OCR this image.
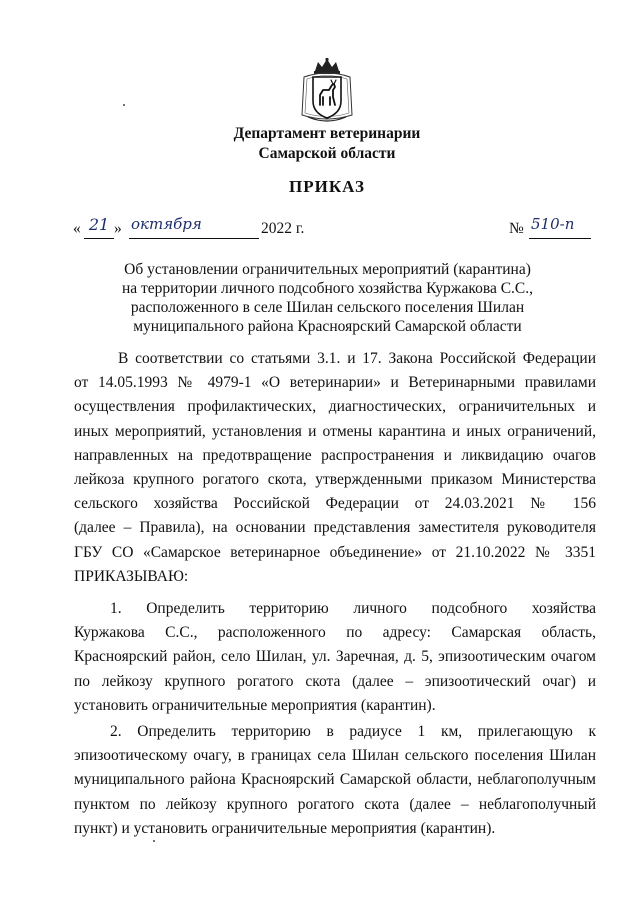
Департамент ветеринарии
Самарской области
ПРИКАЗ
« 21 » октября	2022 г.	№ 510-п
Об установлении ограничительных мероприятий (карантина)
на территории личного подсобного хозяйства Куржакова С.С.,
расположенного в селе Шилан сельского поселения Шилан
муниципального района Красноярский Самарской области
В соответствии со статьями 3.1. и 17. Закона Российской Федерации
от 14.05.1993 № 4979-1 «О ветеринарии» и Ветеринарными правилами
осуществления профилактических, диагностических, ограничительных и
иных мероприятий, установления и отмены карантина и иных ограничений,
направленных на предотвращение распространения и ликвидацию очагов
лейкоза крупного рогатого скота, утвержденными приказом Министерства
сельского хозяйства Российской Федерации от 24.03.2021 № 156
(далее – Правила), на основании представления заместителя руководителя
ГБУ СО «Самарское ветеринарное объединение» от 21.10.2022 № 3351
ПРИКАЗЫВАЮ:
1. Определить территорию личного подсобного хозяйства
Куржакова С.С., расположенного по адресу: Самарская область,
Красноярский район, село Шилан, ул. Заречная, д. 5, эпизоотическим очагом
по лейкозу крупного рогатого скота (далее – эпизоотический очаг) и
установить ограничительные мероприятия (карантин).
2. Определить территорию в радиусе 1 км, прилегающую к
эпизоотическому очагу, в границах села Шилан сельского поселения Шилан
муниципального района Красноярский Самарской области, неблагополучным
пунктом по лейкозу крупного рогатого скота (далее – неблагополучный
пункт) и установить ограничительные мероприятия (карантин).
